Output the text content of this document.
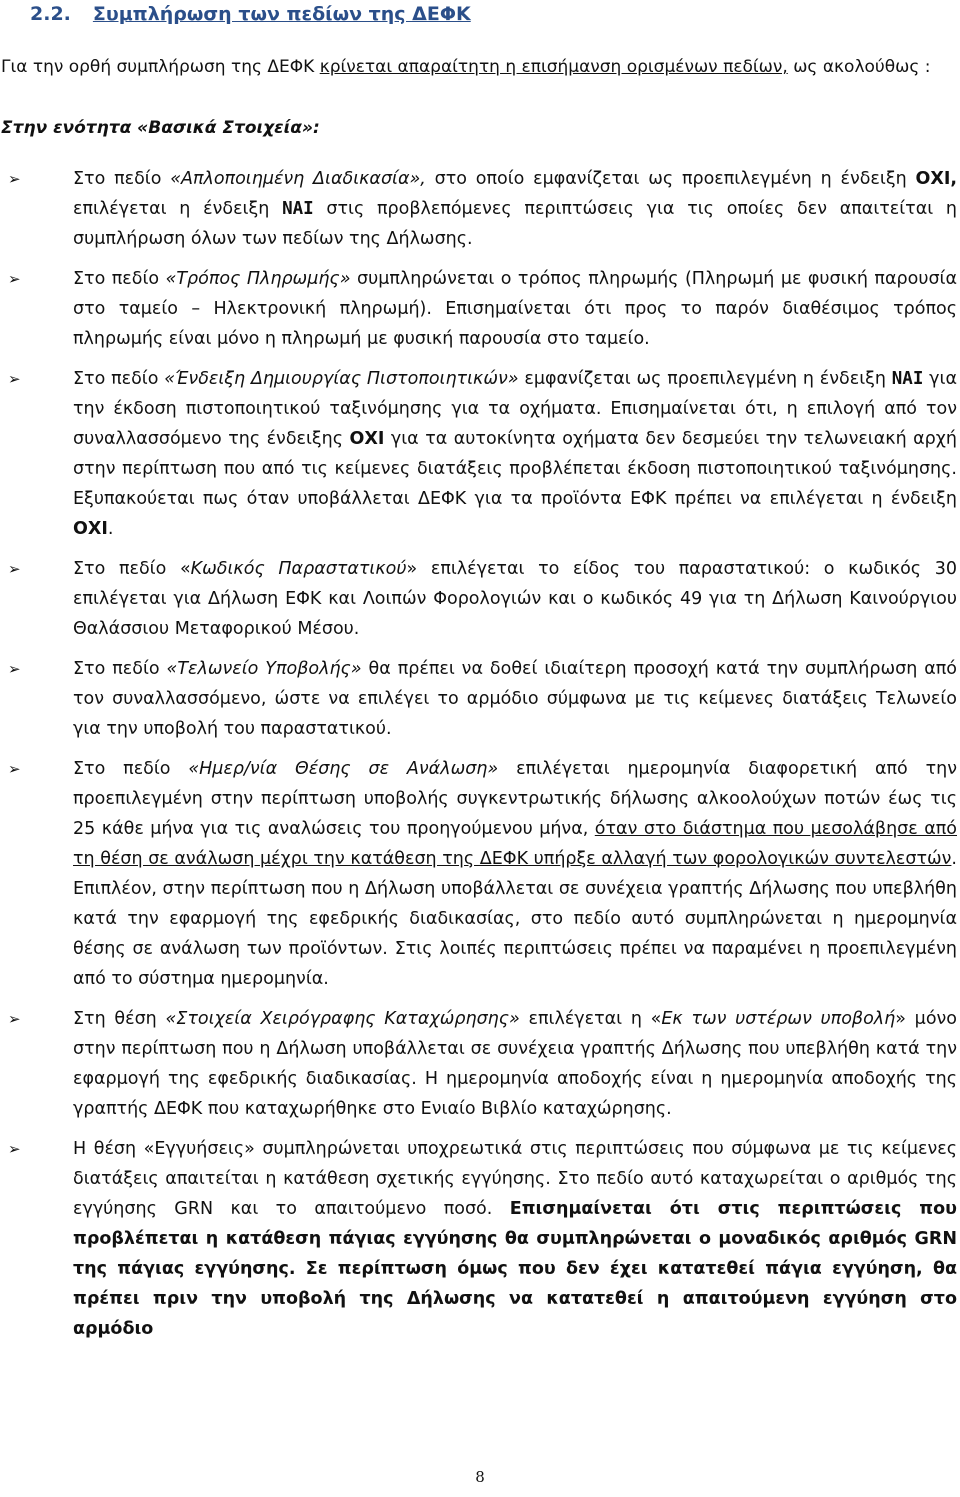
2.2. Συμπλήρωση των πεδίων της ΔΕΦΚ
Για την ορθή συμπλήρωση της ΔΕΦΚ κρίνεται απαραίτητη η επισήμανση ορισμένων πεδίων, ως ακολούθως :
Στην ενότητα «Βασικά Στοιχεία»:
➢	Στο πεδίο «Απλοποιημένη Διαδικασία», στο οποίο εμφανίζεται ως προεπιλεγμένη η ένδειξη ΟΧΙ, επιλέγεται η ένδειξη ΝΑΙ στις προβλεπόμενες περιπτώσεις για τις οποίες δεν απαιτείται η συμπλήρωση όλων των πεδίων της Δήλωσης.
➢	Στο πεδίο «Τρόπος Πληρωμής» συμπληρώνεται ο τρόπος πληρωμής (Πληρωμή με φυσική παρουσία στο ταμείο – Ηλεκτρονική πληρωμή). Επισημαίνεται ότι προς το παρόν διαθέσιμος τρόπος πληρωμής είναι μόνο η πληρωμή με φυσική παρουσία στο ταμείο.
➢	Στο πεδίο «Ένδειξη Δημιουργίας Πιστοποιητικών» εμφανίζεται ως προεπιλεγμένη η ένδειξη ΝΑΙ για την έκδοση πιστοποιητικού ταξινόμησης για τα οχήματα. Επισημαίνεται ότι, η επιλογή από τον συναλλασσόμενο της ένδειξης ΟΧΙ για τα αυτοκίνητα οχήματα δεν δεσμεύει την τελωνειακή αρχή στην περίπτωση που από τις κείμενες διατάξεις προβλέπεται έκδοση πιστοποιητικού ταξινόμησης. Εξυπακούεται πως όταν υποβάλλεται ΔΕΦΚ για τα προϊόντα ΕΦΚ πρέπει να επιλέγεται η ένδειξη ΟΧΙ.
➢	Στο πεδίο «Κωδικός Παραστατικού» επιλέγεται το είδος του παραστατικού: ο κωδικός 30 επιλέγεται για Δήλωση ΕΦΚ και Λοιπών Φορολογιών και ο κωδικός 49 για τη Δήλωση Καινούργιου Θαλάσσιου Μεταφορικού Μέσου.
➢	Στο πεδίο «Τελωνείο Υποβολής» θα πρέπει να δοθεί ιδιαίτερη προσοχή κατά την συμπλήρωση από τον συναλλασσόμενο, ώστε να επιλέγει το αρμόδιο σύμφωνα με τις κείμενες διατάξεις Τελωνείο για την υποβολή του παραστατικού.
➢	Στο πεδίο «Ημερ/νία Θέσης σε Ανάλωση» επιλέγεται ημερομηνία διαφορετική από την προεπιλεγμένη στην περίπτωση υποβολής συγκεντρωτικής δήλωσης αλκοολούχων ποτών έως τις 25 κάθε μήνα για τις αναλώσεις του προηγούμενου μήνα, όταν στο διάστημα που μεσολάβησε από τη θέση σε ανάλωση μέχρι την κατάθεση της ΔΕΦΚ υπήρξε αλλαγή των φορολογικών συντελεστών. Επιπλέον, στην περίπτωση που η Δήλωση υποβάλλεται σε συνέχεια γραπτής Δήλωσης που υπεβλήθη κατά την εφαρμογή της εφεδρικής διαδικασίας, στο πεδίο αυτό συμπληρώνεται η ημερομηνία θέσης σε ανάλωση των προϊόντων. Στις λοιπές περιπτώσεις πρέπει να παραμένει η προεπιλεγμένη από το σύστημα ημερομηνία.
➢	Στη θέση «Στοιχεία Χειρόγραφης Καταχώρησης» επιλέγεται η «Εκ των υστέρων υποβολή» μόνο στην περίπτωση που η Δήλωση υποβάλλεται σε συνέχεια γραπτής Δήλωσης που υπεβλήθη κατά την εφαρμογή της εφεδρικής διαδικασίας. Η ημερομηνία αποδοχής είναι η ημερομηνία αποδοχής της γραπτής ΔΕΦΚ που καταχωρήθηκε στο Ενιαίο Βιβλίο καταχώρησης.
➢	Η θέση «Εγγυήσεις» συμπληρώνεται υποχρεωτικά στις περιπτώσεις που σύμφωνα με τις κείμενες διατάξεις απαιτείται η κατάθεση σχετικής εγγύησης. Στο πεδίο αυτό καταχωρείται ο αριθμός της εγγύησης GRN και το απαιτούμενο ποσό. Επισημαίνεται ότι στις περιπτώσεις που προβλέπεται η κατάθεση πάγιας εγγύησης θα συμπληρώνεται ο μοναδικός αριθμός GRN της πάγιας εγγύησης. Σε περίπτωση όμως που δεν έχει κατατεθεί πάγια εγγύηση, θα πρέπει πριν την υποβολή της Δήλωσης να κατατεθεί η απαιτούμενη εγγύηση στο αρμόδιο
8
